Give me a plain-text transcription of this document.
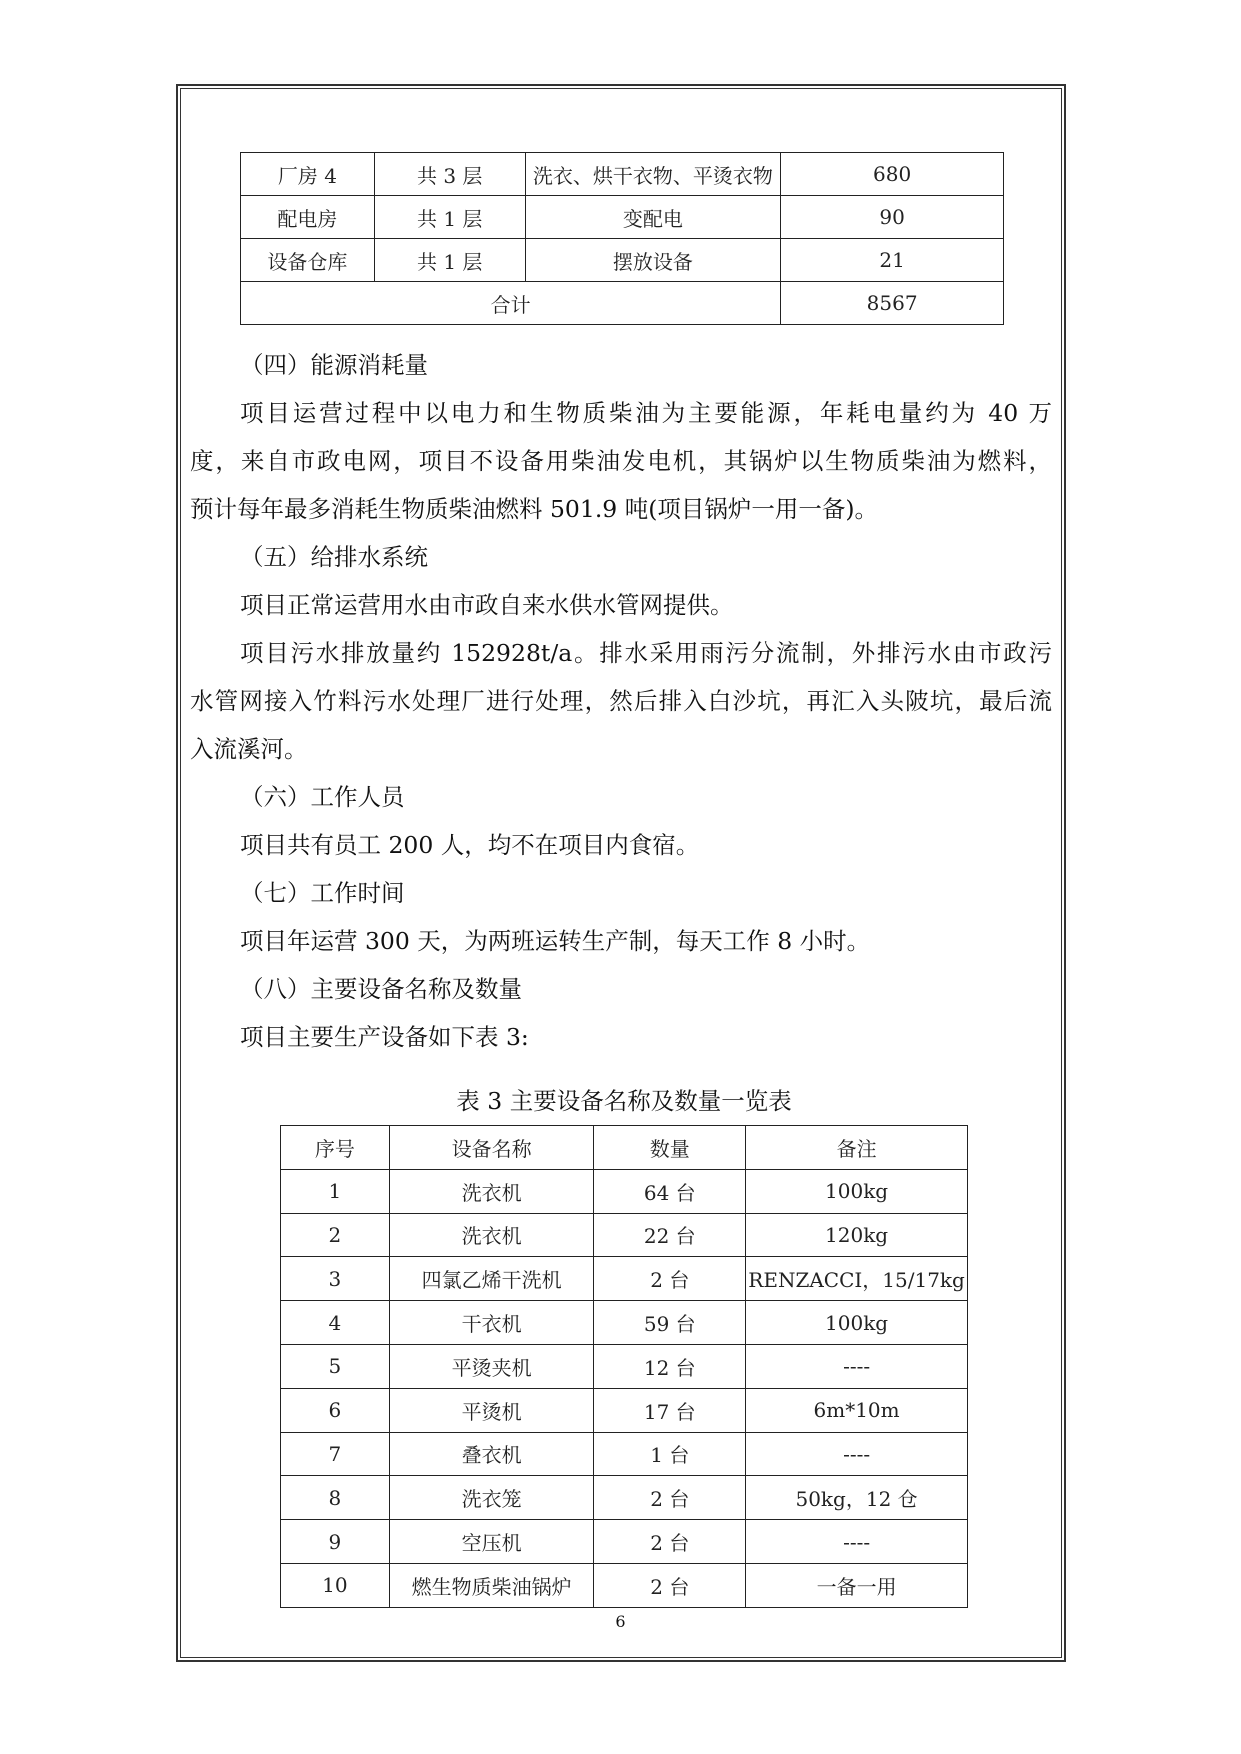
厂房 4	共 3 层	洗衣、烘干衣物、平烫衣物	680
配电房	共 1 层	变配电	90
设备仓库	共 1 层	摆放设备	21
合计			8567
（四）能源消耗量
项目运营过程中以电力和生物质柴油为主要能源，年耗电量约为 40 万
度，来自市政电网，项目不设备用柴油发电机，其锅炉以生物质柴油为燃料，
预计每年最多消耗生物质柴油燃料 501.9 吨(项目锅炉一用一备)。
（五）给排水系统
项目正常运营用水由市政自来水供水管网提供。
项目污水排放量约 152928t/a。排水采用雨污分流制，外排污水由市政污
水管网接入竹料污水处理厂进行处理，然后排入白沙坑，再汇入头陂坑，最后流
入流溪河。
（六）工作人员
项目共有员工 200 人，均不在项目内食宿。
（七）工作时间
项目年运营 300 天，为两班运转生产制，每天工作 8 小时。
（八）主要设备名称及数量
项目主要生产设备如下表 3:
表 3 主要设备名称及数量一览表
序号	设备名称	数量	备注
1	洗衣机	64 台	100kg
2	洗衣机	22 台	120kg
3	四氯乙烯干洗机	2 台	RENZACCI，15/17kg
4	干衣机	59 台	100kg
5	平烫夹机	12 台	----
6	平烫机	17 台	6m*10m
7	叠衣机	1 台	----
8	洗衣笼	2 台	50kg，12 仓
9	空压机	2 台	----
10	燃生物质柴油锅炉	2 台	一备一用
6
